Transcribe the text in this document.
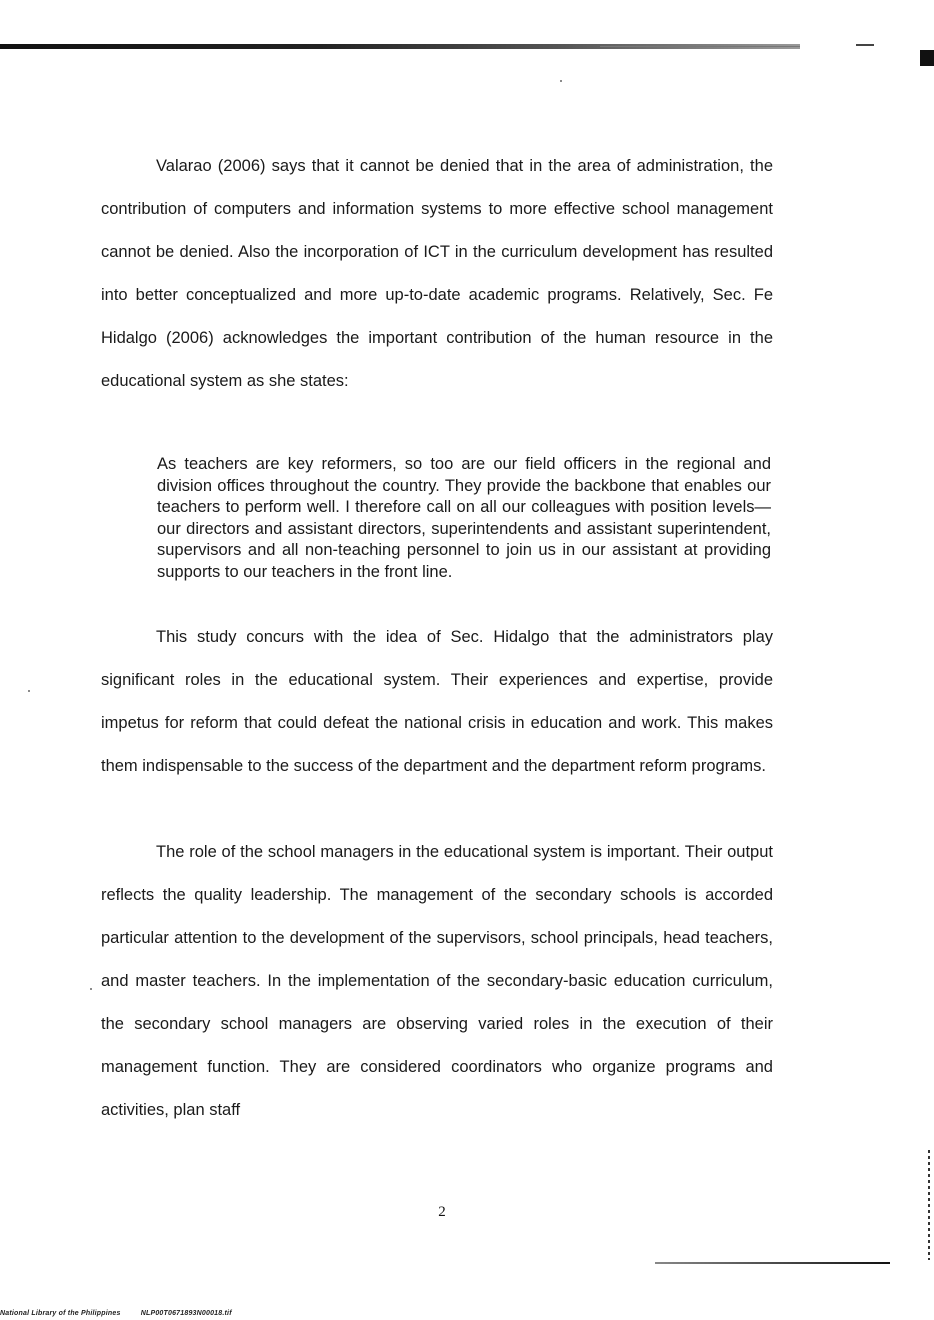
Valarao (2006) says that it cannot be denied that in the area of administration, the contribution of computers and information systems to more effective school management cannot be denied. Also the incorporation of ICT in the curriculum development has resulted into better conceptualized and more up-to-date academic programs. Relatively, Sec. Fe Hidalgo (2006) acknowledges the important contribution of the human resource in the educational system as she states:

As teachers are key reformers, so too are our field officers in the regional and division offices throughout the country. They provide the backbone that enables our teachers to perform well. I therefore call on all our colleagues with position levels— our directors and assistant directors, superintendents and assistant superintendent, supervisors and all non-teaching personnel to join us in our assistant at providing supports to our teachers in the front line.

This study concurs with the idea of Sec. Hidalgo that the administrators play significant roles in the educational system. Their experiences and expertise, provide impetus for reform that could defeat the national crisis in education and work. This makes them indispensable to the success of the department and the department reform programs.

The role of the school managers in the educational system is important. Their output reflects the quality leadership. The management of the secondary schools is accorded particular attention to the development of the supervisors, school principals, head teachers, and master teachers. In the implementation of the secondary-basic education curriculum, the secondary school managers are observing varied roles in the execution of their management function. They are considered coordinators who organize programs and activities, plan staff

2
National Library of the Philippines	NLP00T0671893N00018.tif
